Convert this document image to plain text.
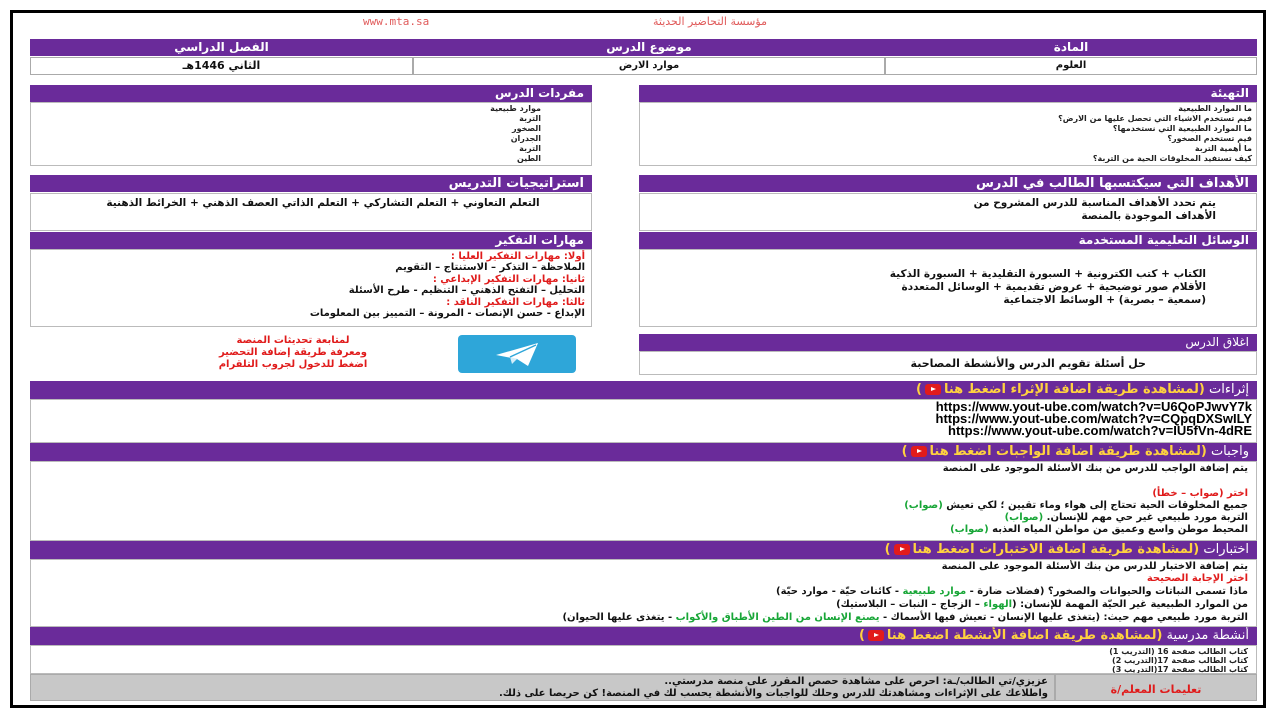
www.mta.sa	مؤسسة التحاضير الحديثة
المادة
موضوع الدرس
الفصل الدراسي
العلوم
موارد الارض
الثاني 1446هـ
التهيئة
ما الموارد الطبيعية
فيم تستخدم الاشياء التي تحصل عليها من الارض؟
ما الموارد الطبيعية التي نستخدمها؟
فيم تستخدم الصخور؟
ما أهمية التربة
كيف تستفيد المخلوقات الحية من التربة؟
مفردات الدرس
موارد طبيعية
التربة
الصخور
الجدران
التربة
الطين
الأهداف التي سيكتسبها الطالب في الدرس
يتم تحدد الأهداف المناسبة للدرس المشروح من الأهداف الموجودة بالمنصة
استراتيجيات التدريس
التعلم التعاوني + التعلم التشاركي + التعلم الذاتي العصف الذهني + الخرائط الذهنية
الوسائل التعليمية المستخدمة
الكتاب + كتب الكترونية + السبورة التقليدية + السبورة الذكية الأقلام صور توضيحية + عروض تقديمية + الوسائل المتعددة (سمعية – بصرية) + الوسائط الاجتماعية
مهارات التفكير
أولا: مهارات التفكير العليا :
الملاحظة – التذكر – الاستنتاج – التقويم
ثانيا: مهارات التفكير الإبداعي :
التحليل – التفتح الذهني – التنظيم - طرح الأسئلة
ثالثا: مهارات التفكير الناقد :
الإبداع - حسن الإنصات - المرونة – التمييز بين المعلومات
لمتابعة تحديثات المنصة
ومعرفة طريقة إضافة التحضير
اضغط للدخول لجروب التلقرام
اغلاق الدرس
حل أسئلة تقويم الدرس والأنشطة المصاحبة
إثراءات (لمشاهدة طريقة اضافة الإثراء اضغط هنا)
https://www.yout-ube.com/watch?v=U6QoPJwvY7k
https://www.yout-ube.com/watch?v=CQpqDXSwILY
https://www.yout-ube.com/watch?v=IU5fVn-4dRE
واجبات (لمشاهدة طريقة اضافة الواجبات اضغط هنا)
يتم إضافة الواجب للدرس من بنك الأسئلة الموجود على المنصة
اختر (صواب – خطأ)
جميع المخلوقات الحية تحتاج إلى هواء وماء تقيين ؛ لكي تعيش (صواب)
التربة مورد طبيعي غير حي مهم للإنسان. (صواب)
المحيط موطن واسع وعميق من مواطن المياه العذبه (صواب)
اختبارات (لمشاهدة طريقة اضافة الاختبارات اضغط هنا)
يتم إضافة الاختبار للدرس من بنك الأسئلة الموجود على المنصة
اختر الإجابة الصحيحة
ماذا تسمى النباتات والحيوانات والصخور؟ (فضلات ضارة - موارد طبيعية - كائنات حيّة - موارد حيّة)
من الموارد الطبيعية غير الحيّة المهمة للإنسان: (الهواء – الزجاج – النبات – البلاستيك)
التربة مورد طبيعي مهم حيث: (يتغذى عليها الإنسان - تعيش فيها الأسماك - يصنع الإنسان من الطين الأطباق والأكواب - يتغذى عليها الحيوان)
أنشطة مدرسية (لمشاهدة طريقة اضافة الأنشطة اضغط هنا)
كتاب الطالب صفحة 16 (التدريب 1)
كتاب الطالب صفحة 17(التدريب 2)
كتاب الطالب صفحة 17(التدريب 3)
تعليمات المعلم/ة
عزيزي/تي الطالب/ـة: احرص على مشاهدة حصص المقرر على منصة مدرستي..
واطلاعك على الإثراءات ومشاهدتك للدرس وحلك للواجبات والأنشطة يحسب لك في المنصة! كن حريصا على ذلك.
